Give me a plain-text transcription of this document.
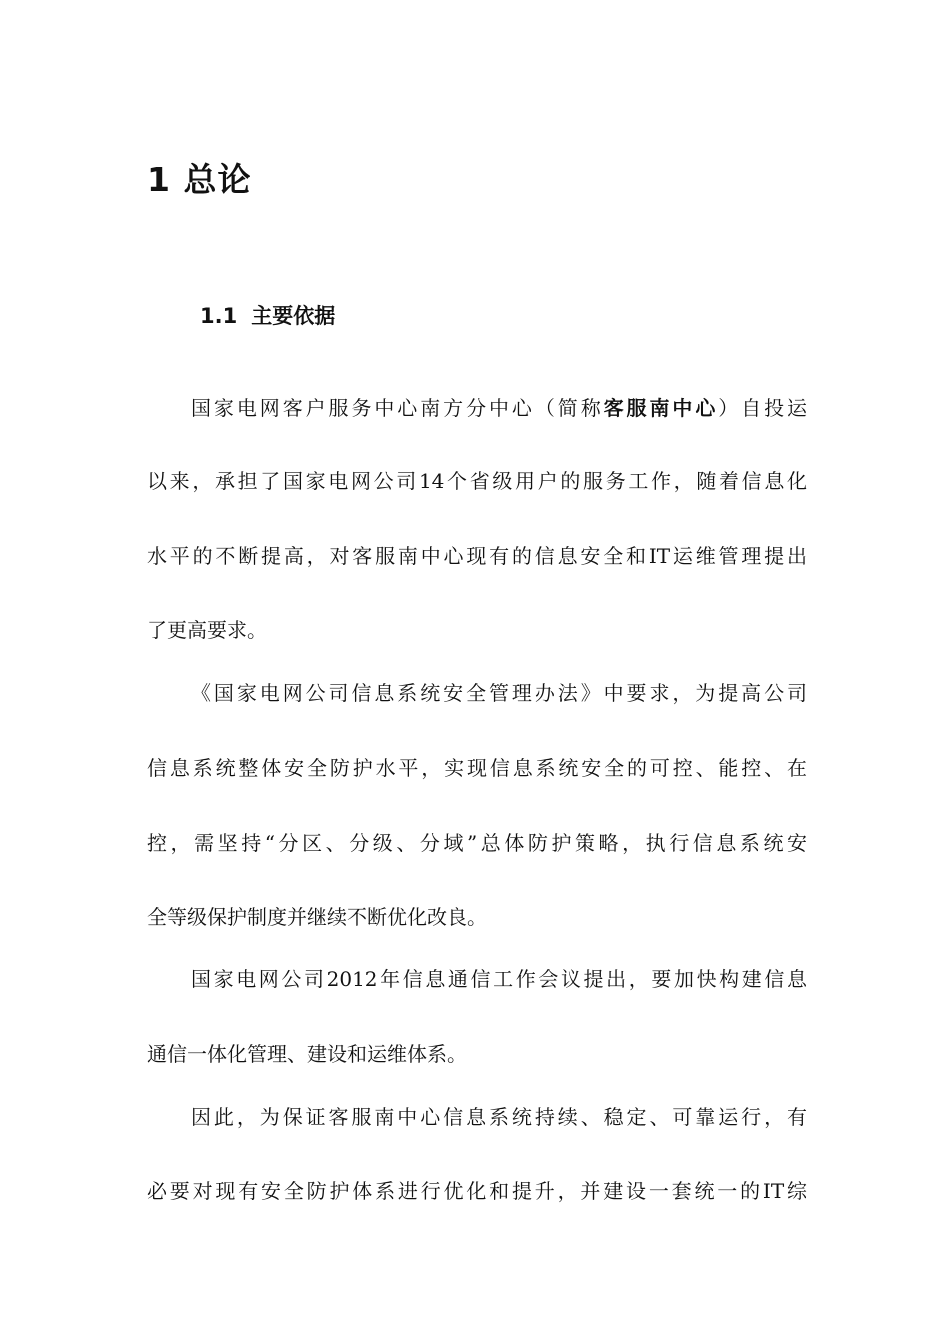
1 总论
1.1 主要依据

国家电网客户服务中心南方分中心（简称客服南中心）自投运

以来，承担了国家电网公司14个省级用户的服务工作，随着信息化

水平的不断提高，对客服南中心现有的信息安全和IT运维管理提出

了更高要求。

《国家电网公司信息系统安全管理办法》中要求，为提高公司

信息系统整体安全防护水平，实现信息系统安全的可控、能控、在

控，需坚持“分区、分级、分域”总体防护策略，执行信息系统安

全等级保护制度并继续不断优化改良。

国家电网公司2012年信息通信工作会议提出，要加快构建信息

通信一体化管理、建设和运维体系。

因此，为保证客服南中心信息系统持续、稳定、可靠运行，有

必要对现有安全防护体系进行优化和提升，并建设一套统一的IT综
